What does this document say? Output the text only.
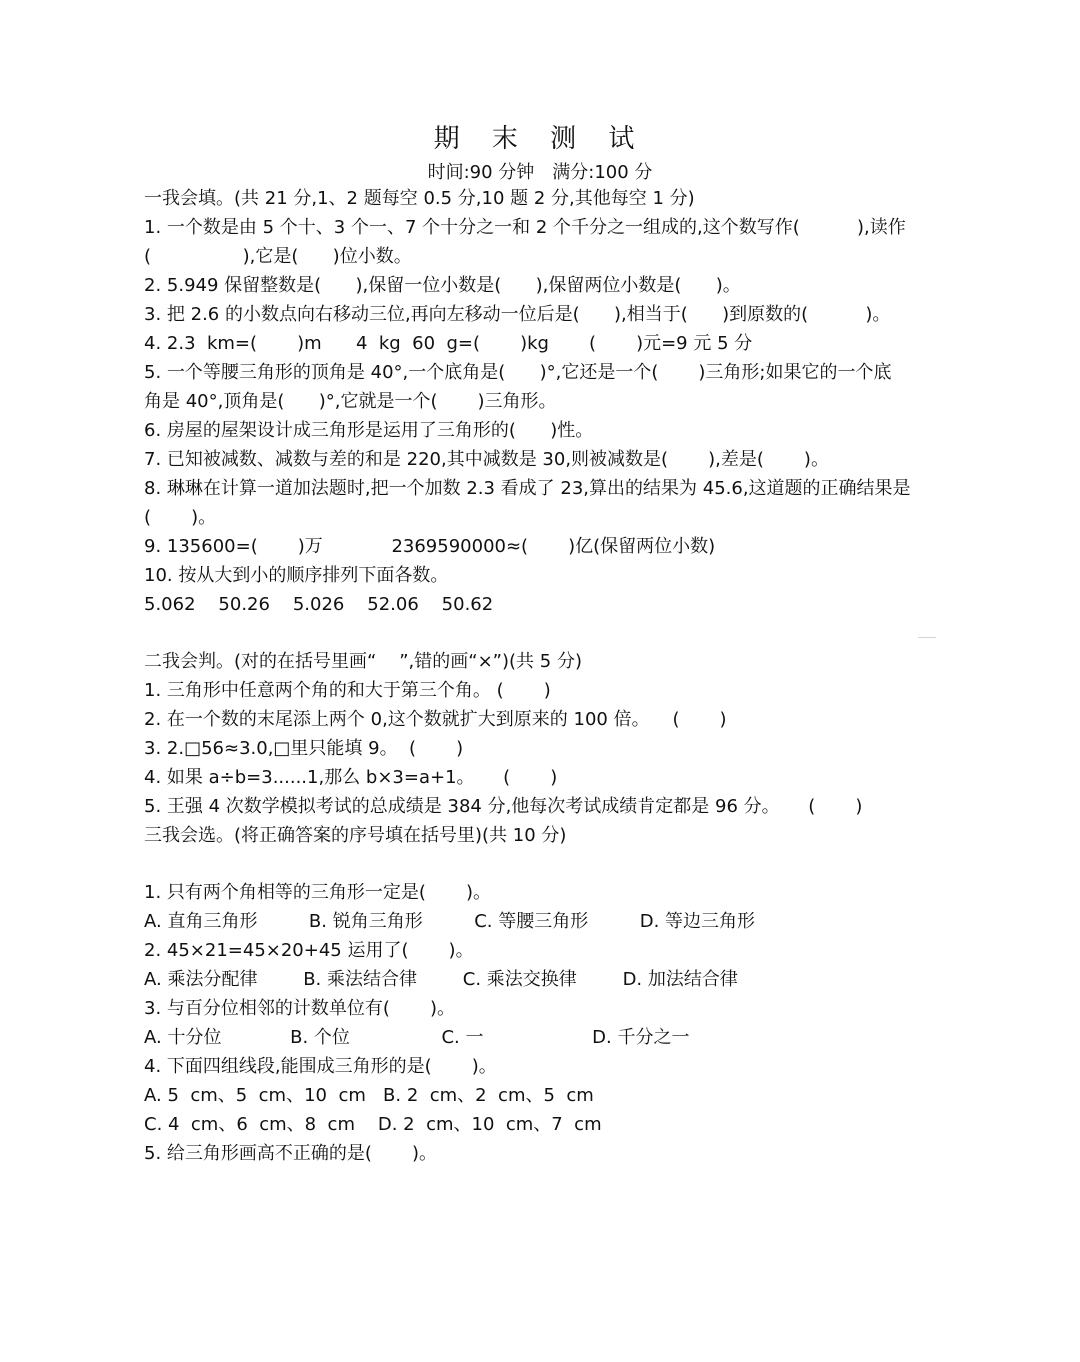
期 末 测 试
时间:90 分钟　满分:100 分
一我会填。(共 21 分,1、2 题每空 0.5 分,10 题 2 分,其他每空 1 分)
1. 一个数是由 5 个十、3 个一、7 个十分之一和 2 个千分之一组成的,这个数写作(          ),读作
(                ),它是(      )位小数。
2. 5.949 保留整数是(      ),保留一位小数是(      ),保留两位小数是(      )。
3. 把 2.6 的小数点向右移动三位,再向左移动一位后是(      ),相当于(      )到原数的(          )。
4. 2.3  km=(       )m      4  kg  60  g=(       )kg       (       )元=9 元 5 分
5. 一个等腰三角形的顶角是 40°,一个底角是(      )°,它还是一个(       )三角形;如果它的一个底
角是 40°,顶角是(      )°,它就是一个(       )三角形。
6. 房屋的屋架设计成三角形是运用了三角形的(      )性。
7. 已知被减数、减数与差的和是 220,其中减数是 30,则被减数是(       ),差是(       )。
8. 琳琳在计算一道加法题时,把一个加数 2.3 看成了 23,算出的结果为 45.6,这道题的正确结果是
(       )。
9. 135600=(       )万            2369590000≈(       )亿(保留两位小数)
10. 按从大到小的顺序排列下面各数。
5.062    50.26    5.026    52.06    50.62
二我会判。(对的在括号里画“    ”,错的画“×”)(共 5 分)
1. 三角形中任意两个角的和大于第三个角。 (       )
2. 在一个数的末尾添上两个 0,这个数就扩大到原来的 100 倍。    (       )
3. 2.□56≈3.0,□里只能填 9。  (       )
4. 如果 a÷b=3......1,那么 b×3=a+1。     (       )
5. 王强 4 次数学模拟考试的总成绩是 384 分,他每次考试成绩肯定都是 96 分。     (       )
三我会选。(将正确答案的序号填在括号里)(共 10 分)
1. 只有两个角相等的三角形一定是(       )。
A. 直角三角形         B. 锐角三角形         C. 等腰三角形         D. 等边三角形
2. 45×21=45×20+45 运用了(       )。
A. 乘法分配律        B. 乘法结合律        C. 乘法交换律        D. 加法结合律
3. 与百分位相邻的计数单位有(       )。
A. 十分位            B. 个位                C. 一                   D. 千分之一
4. 下面四组线段,能围成三角形的是(       )。
A. 5  cm、5  cm、10  cm   B. 2  cm、2  cm、5  cm
C. 4  cm、6  cm、8  cm    D. 2  cm、10  cm、7  cm
5. 给三角形画高不正确的是(       )。
